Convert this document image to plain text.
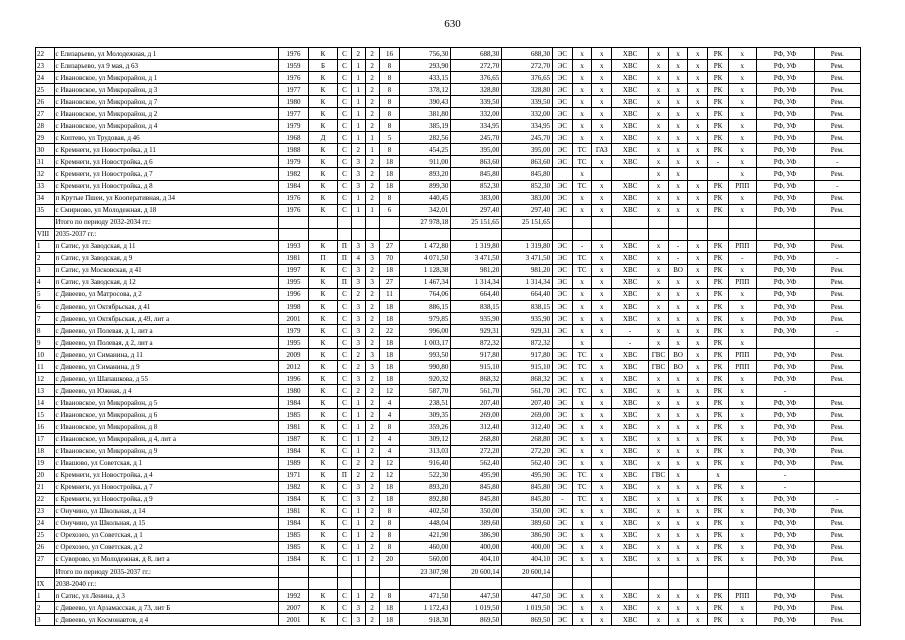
630
22	с Елизарьево, ул Молодежная, д 1	1976	К	С	2	2	16	756,30	688,30	688,30	ЭС	х	х	ХВС	х	х	х	РК	х	РФ, УФ	Рем.
23	с Елизарьево, ул 9 мая, д 63	1959	Б	С	1	2	8	293,90	272,70	272,70	ЭС	х	х	ХВС	х	х	х	РК	х	РФ, УФ	Рем.
24	с Ивановское, ул Микрорайон, д 1	1976	К	С	1	2	8	433,15	376,65	376,65	ЭС	х	х	ХВС	х	х	х	РК	х	РФ, УФ	Рем.
25	с Ивановское, ул Микрорайон, д 3	1977	К	С	1	2	8	378,12	328,80	328,80	ЭС	х	х	ХВС	х	х	х	РК	х	РФ, УФ	Рем.
26	с Ивановское, ул Микрорайон, д 7	1980	К	С	1	2	8	390,43	339,50	339,50	ЭС	х	х	ХВС	х	х	х	РК	х	РФ, УФ	Рем.
27	с Ивановское, ул Микрорайон, д 2	1977	К	С	1	2	8	381,80	332,00	332,00	ЭС	х	х	ХВС	х	х	х	РК	х	РФ, УФ	Рем.
28	с Ивановское, ул Микрорайон, д 4	1979	К	С	1	2	8	385,19	334,95	334,95	ЭС	х	х	ХВС	х	х	х	РК	х	РФ, УФ	Рем.
29	с Коптево, ул Трудовая, д 46	1968	Д	С	1	1	5	282,56	245,70	245,70	ЭС	х	х	ХВС	х	х	х	РК	х	РФ, УФ	Рем.
30	с Кремнеги, ул Новостройка, д 11	1988	К	С	2	1	8	454,25	395,00	395,00	ЭС	ТС	ГАЗ	ХВС	х	х	х	РК	х	РФ, УФ	Рем.
31	с Кремнеги, ул Новостройка, д 6	1979	К	С	3	2	18	911,00	863,60	863,60	ЭС	ТС	х	ХВС	х	х	х	-	х	РФ, УФ	-
32	с Кремнеги, ул Новостройка, д 7	1982	К	С	3	2	18	893,20	845,80	845,80		х			х	х			х	РФ, УФ	Рем.
33	с Кремнеги, ул Новостройка, д 8	1984	К	С	3	2	18	899,30	852,30	852,30	ЭС	ТС	х	ХВС	х	х	х	РК	РПП	РФ, УФ	-
34	п Крутые Пшеи, ул Кооперативная, д 34	1976	К	С	1	2	8	440,45	383,00	383,00	ЭС	х	х	ХВС	х	х	х	РК	х	РФ, УФ	Рем.
35	с Смирново, ул Молодежная, д 18	1976	К	С	1	1	6	342,01	297,40	297,40	ЭС	х	х	ХВС	х	х	х	РК	х	РФ, УФ	Рем.
	Итого по периоду 2032-2034 гг.:							27 978,18	25 151,65	25 151,65											
VIII	2035-2037 гг.:																				
1	п Сатис, ул Заводская, д 11	1993	К	П	3	3	27	1 472,80	1 319,80	1 319,80	ЭС	-	х	ХВС	х	-	х	РК	РПП	РФ, УФ	Рем.
2	п Сатис, ул Заводская, д 9	1981	П	П	4	3	70	4 071,50	3 471,50	3 471,50	ЭС	ТС	х	ХВС	х	-	х	РК	-	РФ, УФ	-
3	п Сатис, ул Московская, д 41	1997	К	С	3	2	18	1 128,38	981,20	981,20	ЭС	ТС	х	ХВС	х	ВО	х	РК	х	РФ, УФ	Рем.
4	п Сатис, ул Заводская, д 12	1995	К	П	3	3	27	1 467,34	1 314,34	1 314,34	ЭС	х	х	ХВС	х	х	х	РК	РПП	РФ, УФ	Рем.
5	с Дивеево, ул Матросова, д 2	1996	К	С	2	2	11	764,06	664,40	664,40	ЭС	х	х	ХВС	х	х	х	РК	х	РФ, УФ	Рем.
6	с Дивеево, ул Октябрьская, д 41	1998	К	С	3	2	18	886,15	838,15	838,15	ЭС	х	х	ХВС	х	х	х	РК	х	РФ, УФ	Рем.
7	с Дивеево, ул Октябрьская, д 49, лит а	2001	К	С	3	2	18	979,85	935,90	935,90	ЭС	х	х	ХВС	х	х	х	РК	х	РФ, УФ	Рем.
8	с Дивеево, ул Полевая, д 1, лит а	1979	К	С	3	2	22	996,00	929,31	929,31	ЭС	х	х	-	х	х	х	РК	х	РФ, УФ	-
9	с Дивеево, ул Полевая, д 2, лит а	1995	К	С	3	2	18	1 003,17	872,32	872,32		х		-	х	х	х	РК	х		
10	с Дивеево, ул Симанина, д 11	2009	К	С	2	3	18	993,50	917,80	917,80	ЭС	ТС	х	ХВС	ГВС	ВО	х	РК	РПП	РФ, УФ	Рем.
11	с Дивеево, ул Симанина, д 9	2012	К	С	2	3	18	990,80	915,10	915,10	ЭС	ТС	х	ХВС	ГВС	ВО	х	РК	РПП	РФ, УФ	Рем.
12	с Дивеево, ул Шапашкова, д 55	1996	К	С	3	2	18	920,32	868,32	868,32	ЭС	х	х	ХВС	х	х	х	РК	х	РФ, УФ	Рем.
13	с Дивеево, ул Южная, д 4	1980	К	С	2	2	12	587,70	561,70	561,70	ЭС	ТС	х	ХВС	х	х	х	РК	х	-	
14	с Ивановское, ул Микрорайон, д 5	1984	К	С	1	2	4	238,51	207,40	207,40	ЭС	х	х	ХВС	х	х	х	РК	х	РФ, УФ	Рем.
15	с Ивановское, ул Микрорайон, д 6	1985	К	С	1	2	4	309,35	269,00	269,00	ЭС	х	х	ХВС	х	х	х	РК	х	РФ, УФ	Рем.
16	с Ивановское, ул Микрорайон, д 8	1981	К	С	1	2	8	359,26	312,40	312,40	ЭС	х	х	ХВС	х	х	х	РК	х	РФ, УФ	Рем.
17	с Ивановское, ул Микрорайон, д 4, лит а	1987	К	С	1	2	4	309,12	268,80	268,80	ЭС	х	х	ХВС	х	х	х	РК	х	РФ, УФ	Рем.
18	с Ивановское, ул Микрорайон, д 9	1984	К	С	1	2	4	313,03	272,20	272,20	ЭС	х	х	ХВС	х	х	х	РК	х	РФ, УФ	Рем.
19	с Ивашово, ул Советская, д 1	1989	К	С	2	2	12	916,40	562,40	562,40	ЭС	х	х	ХВС	х	х	х	РК	х	РФ, УФ	Рем.
20	с Кремнеги, ул Новостройка, д 4	1971	К	П	2	2	12	522,30	495,90	495,90	ЭС	ТС	х	ХВС	ГВС	х		х		-	
21	с Кремнеги, ул Новостройка, д 7	1982	К	С	3	2	18	893,20	845,80	845,80	ЭС	ТС	х	ХВС	х	х	х	РК	х	-	
22	с Кремнеги, ул Новостройка, д 9	1984	К	С	3	2	18	892,80	845,80	845,80	-	ТС	х	ХВС	х	х	х	РК	х	РФ, УФ	-
23	с Онучино, ул Школьная, д 14	1981	К	С	1	2	8	402,50	350,00	350,00	ЭС	х	х	ХВС	х	х	х	РК	х	РФ, УФ	Рем.
24	с Онучино, ул Школьная, д 15	1984	К	С	1	2	8	448,04	389,60	389,60	ЭС	х	х	ХВС	х	х	х	РК	х	РФ, УФ	Рем.
25	с Орехозео, ул Советская, д 1	1985	К	С	1	2	8	421,90	386,90	386,90	ЭС	х	х	ХВС	х	х	х	РК	х	РФ, УФ	Рем.
26	с Орехозео, ул Советская, д 2	1985	К	С	1	2	8	460,00	400,00	400,00	ЭС	х	х	ХВС	х	х	х	РК	х	РФ, УФ	Рем.
27	с Суворово, ул Молодежная, д 8, лит а	1984	К	С	1	2	20	560,00	404,10	404,10	ЭС	х	х	ХВС	х	х	х	РК	х	РФ, УФ	Рем.
	Итого по периоду 2035-2037 гг.:							23 307,98	20 600,14	20 600,14											
IX	2038-2040 гг.:																				
1	п Сатис, ул Ленина, д 3	1992	К	С	1	2	8	471,50	447,50	447,50	ЭС	х	х	ХВС	х	х	х	РК	РПП	РФ, УФ	Рем.
2	с Дивеево, ул Арзамасская, д 73, лит Б	2007	К	С	3	2	18	1 172,43	1 019,50	1 019,50	ЭС	х	х	ХВС	х	х	х	РК	х	РФ, УФ	Рем.
3	с Дивеево, ул Космонавтов, д 4	2001	К	С	3	2	18	918,30	869,50	869,50	ЭС	х	х	ХВС	х	х	х	РК	х	РФ, УФ	Рем.
